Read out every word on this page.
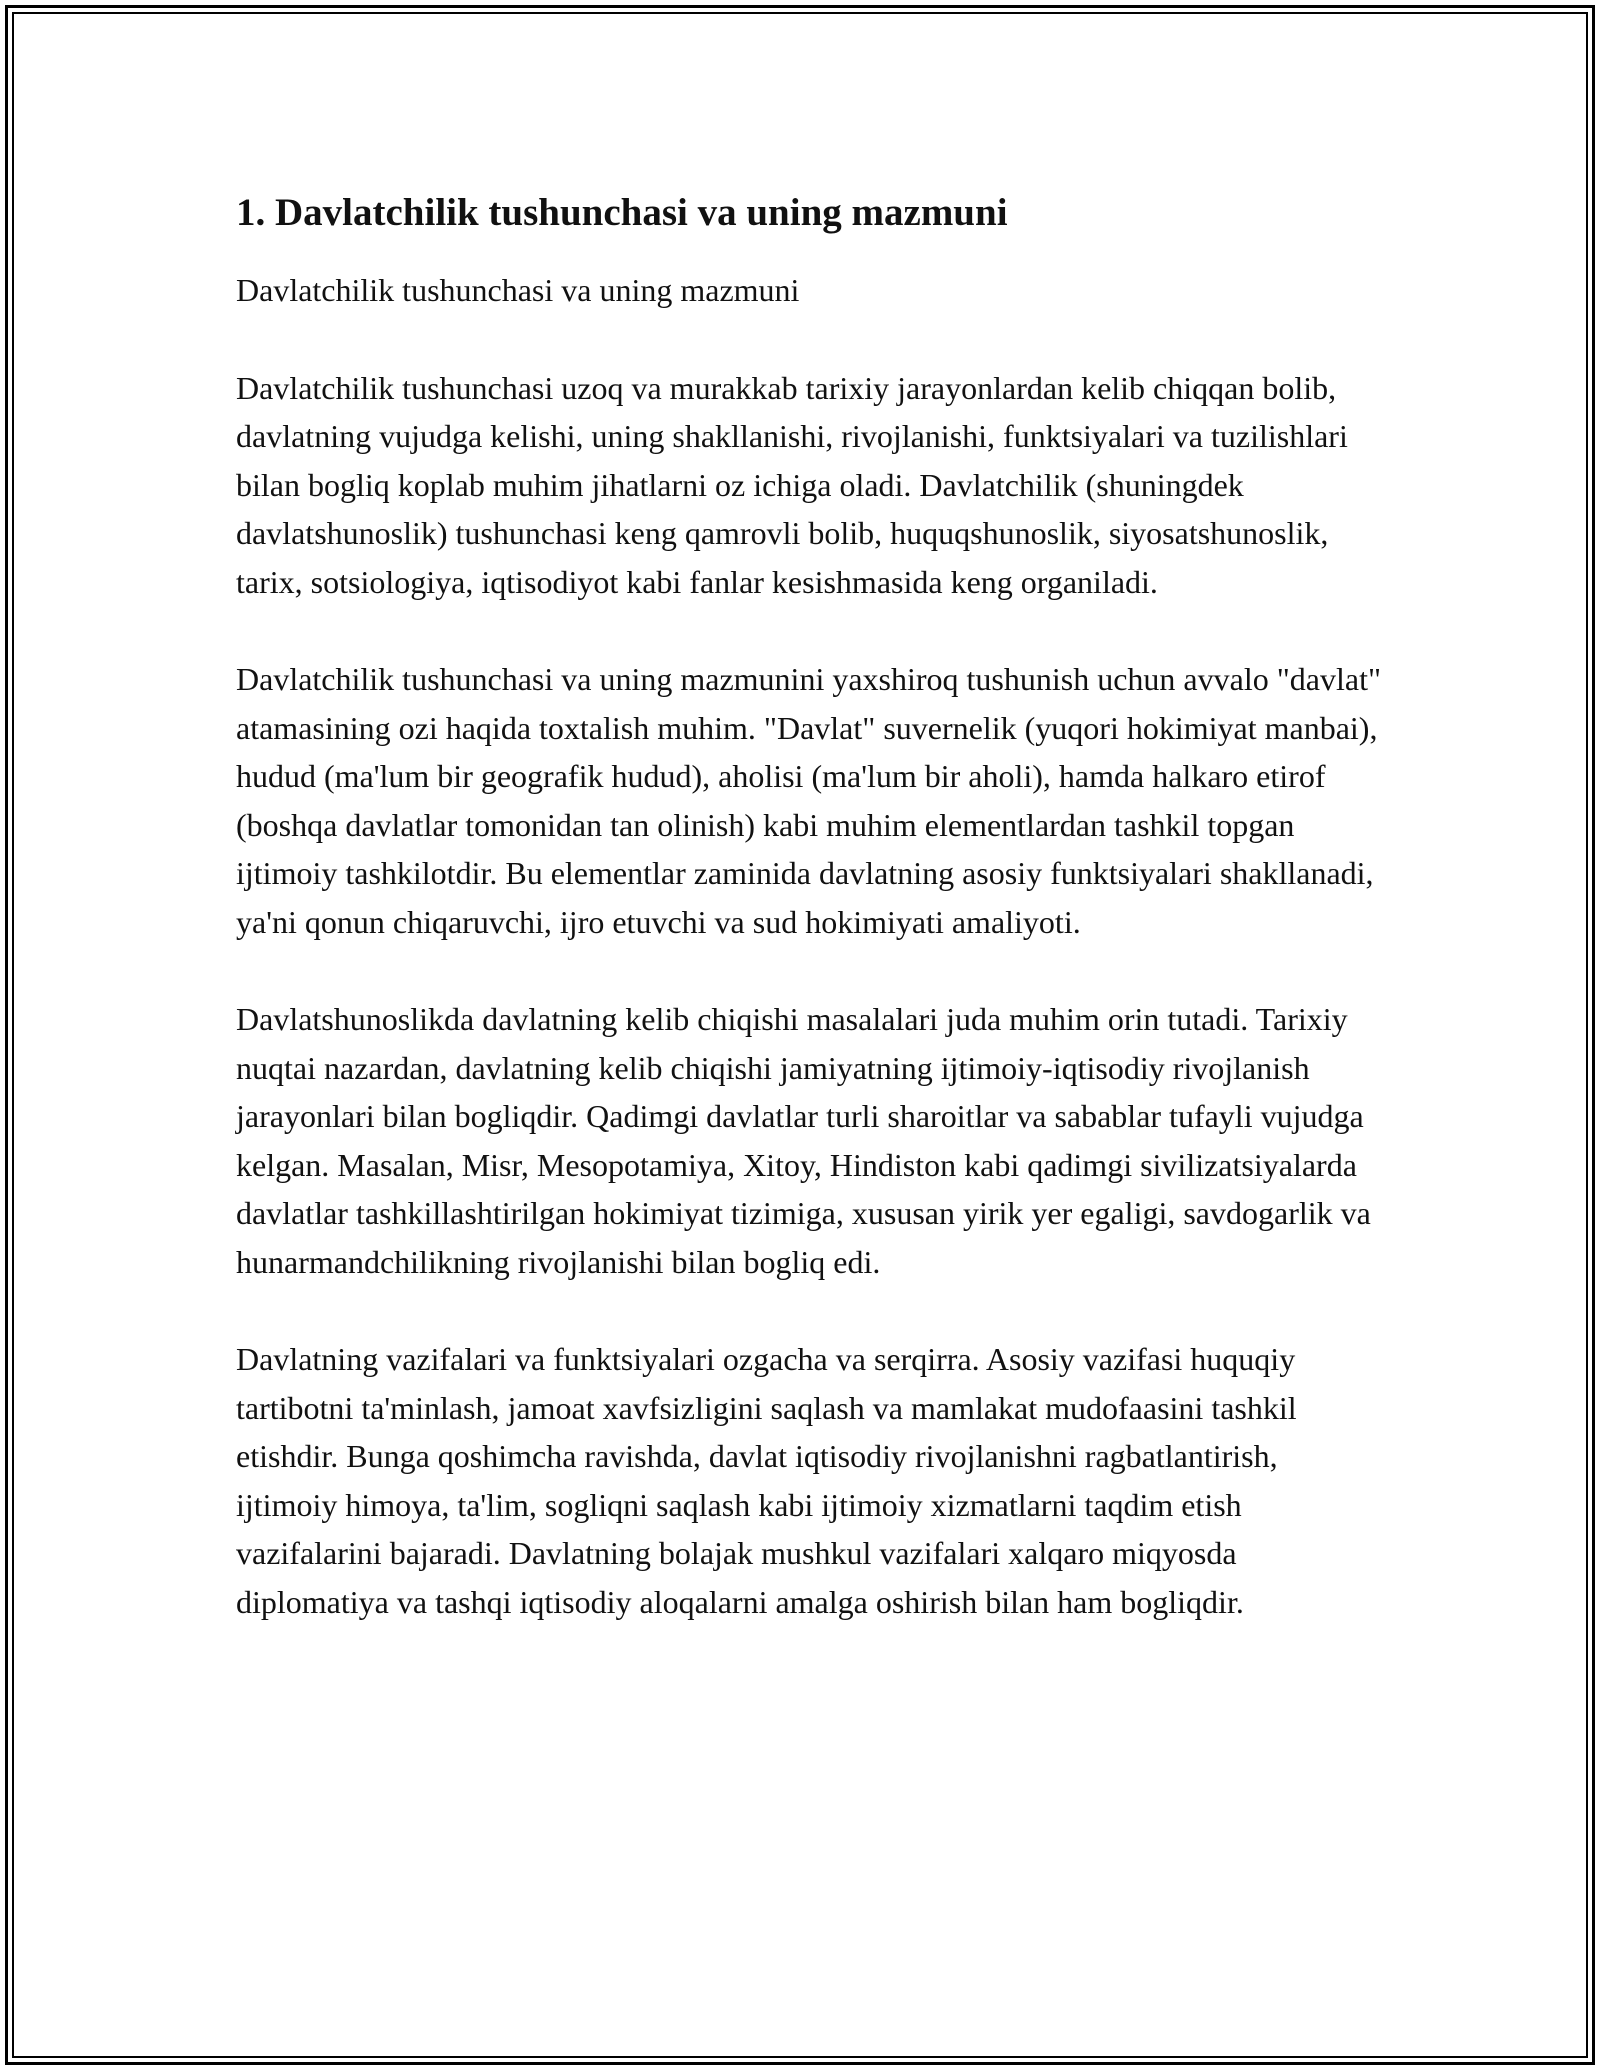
1. Davlatchilik tushunchasi va uning mazmuni

Davlatchilik tushunchasi va uning mazmuni

Davlatchilik tushunchasi uzoq va murakkab tarixiy jarayonlardan kelib chiqqan bolib, davlatning vujudga kelishi, uning shakllanishi, rivojlanishi, funktsiyalari va tuzilishlari bilan bogliq koplab muhim jihatlarni oz ichiga oladi. Davlatchilik (shuningdek davlatshunoslik) tushunchasi keng qamrovli bolib, huquqshunoslik, siyosatshunoslik, tarix, sotsiologiya, iqtisodiyot kabi fanlar kesishmasida keng organiladi.

Davlatchilik tushunchasi va uning mazmunini yaxshiroq tushunish uchun avvalo "davlat" atamasining ozi haqida toxtalish muhim. "Davlat" suvernelik (yuqori hokimiyat manbai), hudud (ma'lum bir geografik hudud), aholisi (ma'lum bir aholi), hamda halkaro etirof (boshqa davlatlar tomonidan tan olinish) kabi muhim elementlardan tashkil topgan ijtimoiy tashkilotdir. Bu elementlar zaminida davlatning asosiy funktsiyalari shakllanadi, ya'ni qonun chiqaruvchi, ijro etuvchi va sud hokimiyati amaliyoti.

Davlatshunoslikda davlatning kelib chiqishi masalalari juda muhim orin tutadi. Tarixiy nuqtai nazardan, davlatning kelib chiqishi jamiyatning ijtimoiy-iqtisodiy rivojlanish jarayonlari bilan bogliqdir. Qadimgi davlatlar turli sharoitlar va sabablar tufayli vujudga kelgan. Masalan, Misr, Mesopotamiya, Xitoy, Hindiston kabi qadimgi sivilizatsiyalarda davlatlar tashkillashtirilgan hokimiyat tizimiga, xususan yirik yer egaligi, savdogarlik va hunarmandchilikning rivojlanishi bilan bogliq edi.

Davlatning vazifalari va funktsiyalari ozgacha va serqirra. Asosiy vazifasi huquqiy tartibotni ta'minlash, jamoat xavfsizligini saqlash va mamlakat mudofaasini tashkil etishdir. Bunga qoshimcha ravishda, davlat iqtisodiy rivojlanishni ragbatlantirish, ijtimoiy himoya, ta'lim, sogliqni saqlash kabi ijtimoiy xizmatlarni taqdim etish vazifalarini bajaradi. Davlatning bolajak mushkul vazifalari xalqaro miqyosda diplomatiya va tashqi iqtisodiy aloqalarni amalga oshirish bilan ham bogliqdir.
